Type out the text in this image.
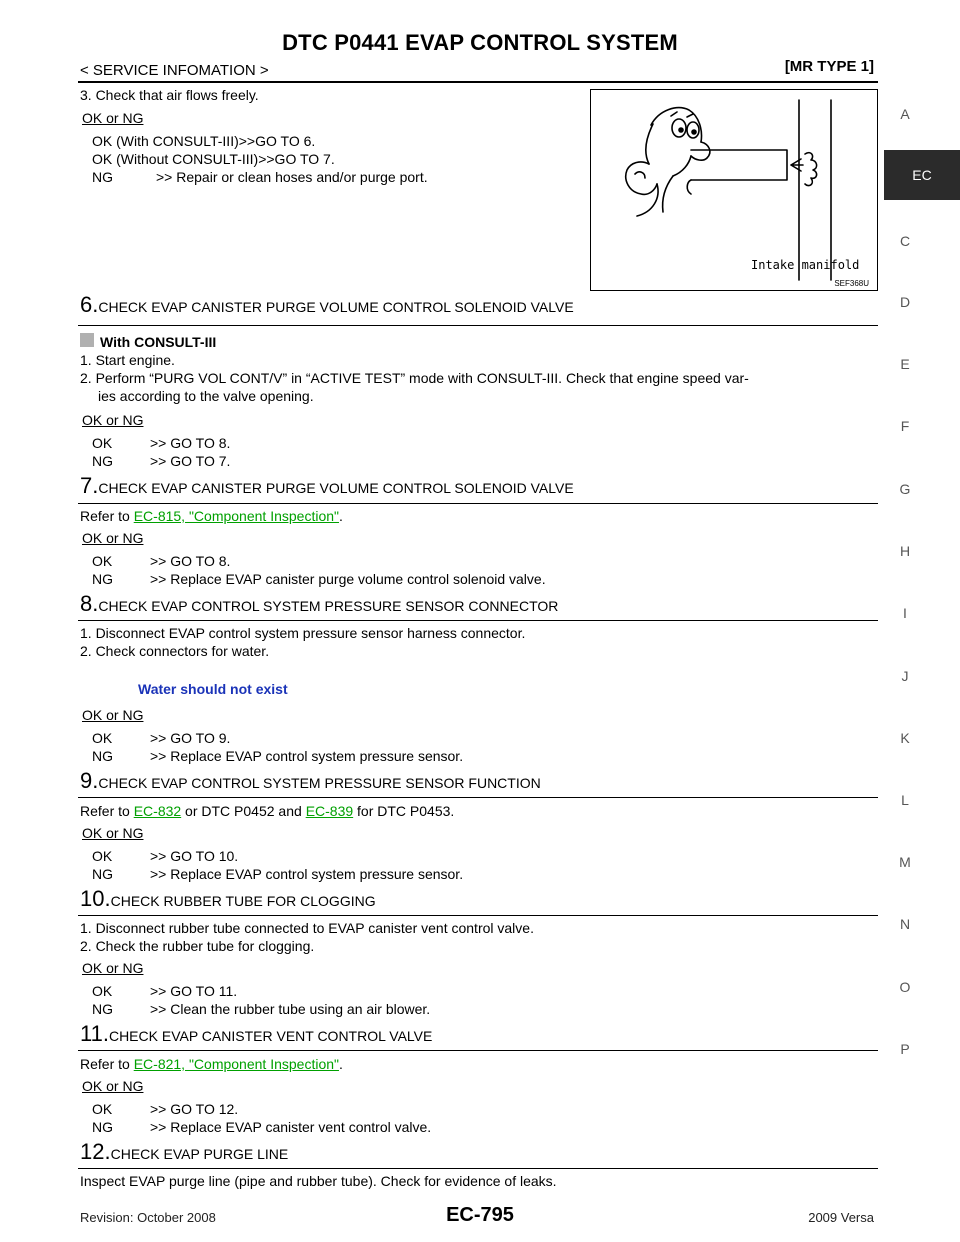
DTC P0441 EVAP CONTROL SYSTEM
< SERVICE INFOMATION >	[MR TYPE 1]
A
EC
C
D
E
F
G
H
I
J
K
L
M
N
O
P
Intake manifold
SEF368U
3. Check that air flows freely.
OK or NG
OK (With CONSULT-III)>>GO TO 6.
OK (Without CONSULT-III)>>GO TO 7.
NG	>> Repair or clean hoses and/or purge port.
6.CHECK EVAP CANISTER PURGE VOLUME CONTROL SOLENOID VALVE
With CONSULT-III
1. Start engine.
2. Perform “PURG VOL CONT/V” in “ACTIVE TEST” mode with CONSULT-III. Check that engine speed var-
ies according to the valve opening.
OK or NG
OK	>> GO TO 8.
NG	>> GO TO 7.
7.CHECK EVAP CANISTER PURGE VOLUME CONTROL SOLENOID VALVE
Refer to EC-815, "Component Inspection".
OK or NG
OK	>> GO TO 8.
NG	>> Replace EVAP canister purge volume control solenoid valve.
8.CHECK EVAP CONTROL SYSTEM PRESSURE SENSOR CONNECTOR
1. Disconnect EVAP control system pressure sensor harness connector.
2. Check connectors for water.
Water should not exist
OK or NG
OK	>> GO TO 9.
NG	>> Replace EVAP control system pressure sensor.
9.CHECK EVAP CONTROL SYSTEM PRESSURE SENSOR FUNCTION
Refer to EC-832 or DTC P0452 and EC-839 for DTC P0453.
OK or NG
OK	>> GO TO 10.
NG	>> Replace EVAP control system pressure sensor.
10.CHECK RUBBER TUBE FOR CLOGGING
1. Disconnect rubber tube connected to EVAP canister vent control valve.
2. Check the rubber tube for clogging.
OK or NG
OK	>> GO TO 11.
NG	>> Clean the rubber tube using an air blower.
11.CHECK EVAP CANISTER VENT CONTROL VALVE
Refer to EC-821, "Component Inspection".
OK or NG
OK	>> GO TO 12.
NG	>> Replace EVAP canister vent control valve.
12.CHECK EVAP PURGE LINE
Inspect EVAP purge line (pipe and rubber tube). Check for evidence of leaks.
Revision: October 2008	EC-795	2009 Versa
